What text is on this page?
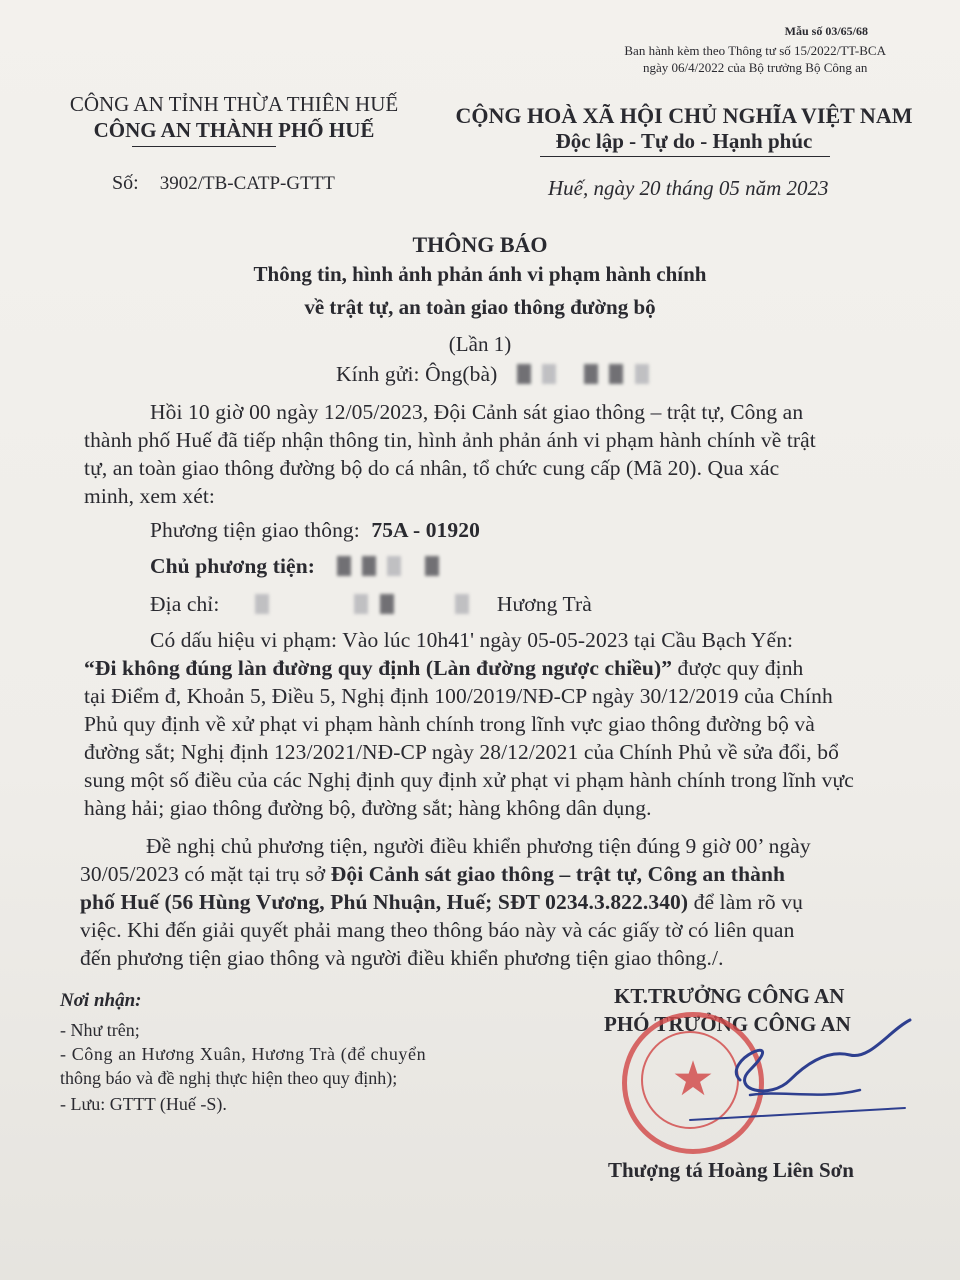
Mẫu số 03/65/68
Ban hành kèm theo Thông tư số 15/2022/TT-BCA
ngày 06/4/2022 của Bộ trưởng Bộ Công an
CÔNG AN TỈNH THỪA THIÊN HUẾ
CÔNG AN THÀNH PHỐ HUẾ
Số: 3902/TB-CATP-GTTT
CỘNG HOÀ XÃ HỘI CHỦ NGHĨA VIỆT NAM
Độc lập - Tự do - Hạnh phúc
Huế, ngày 20 tháng 05 năm 2023
THÔNG BÁO
Thông tin, hình ảnh phản ánh vi phạm hành chính
về trật tự, an toàn giao thông đường bộ
(Lần 1)
Kính gửi: Ông(bà)
Hồi 10 giờ 00 ngày 12/05/2023, Đội Cảnh sát giao thông – trật tự, Công an
thành phố Huế đã tiếp nhận thông tin, hình ảnh phản ánh vi phạm hành chính về trật
tự, an toàn giao thông đường bộ do cá nhân, tổ chức cung cấp (Mã 20). Qua xác
minh, xem xét:
Phương tiện giao thông: 75A - 01920
Chủ phương tiện:
Địa chỉ:	Hương Trà
Có dấu hiệu vi phạm: Vào lúc 10h41' ngày 05-05-2023 tại Cầu Bạch Yến:
“Đi không đúng làn đường quy định (Làn đường ngược chiều)” được quy định
tại Điểm đ, Khoản 5, Điều 5, Nghị định 100/2019/NĐ-CP ngày 30/12/2019 của Chính
Phủ quy định về xử phạt vi phạm hành chính trong lĩnh vực giao thông đường bộ và
đường sắt; Nghị định 123/2021/NĐ-CP ngày 28/12/2021 của Chính Phủ về sửa đổi, bổ
sung một số điều của các Nghị định quy định xử phạt vi phạm hành chính trong lĩnh vực
hàng hải; giao thông đường bộ, đường sắt; hàng không dân dụng.
Đề nghị chủ phương tiện, người điều khiển phương tiện đúng 9 giờ 00’ ngày
30/05/2023 có mặt tại trụ sở Đội Cảnh sát giao thông – trật tự, Công an thành
phố Huế (56 Hùng Vương, Phú Nhuận, Huế; SĐT 0234.3.822.340) để làm rõ vụ
việc. Khi đến giải quyết phải mang theo thông báo này và các giấy tờ có liên quan
đến phương tiện giao thông và người điều khiển phương tiện giao thông./.
Nơi nhận:
- Như trên;
- Công an Hương Xuân, Hương Trà (để chuyển
thông báo và đề nghị thực hiện theo quy định);
- Lưu: GTTT (Huế -S).
KT.TRƯỞNG CÔNG AN
PHÓ TRƯỞNG CÔNG AN
★
Thượng tá Hoàng Liên Sơn
